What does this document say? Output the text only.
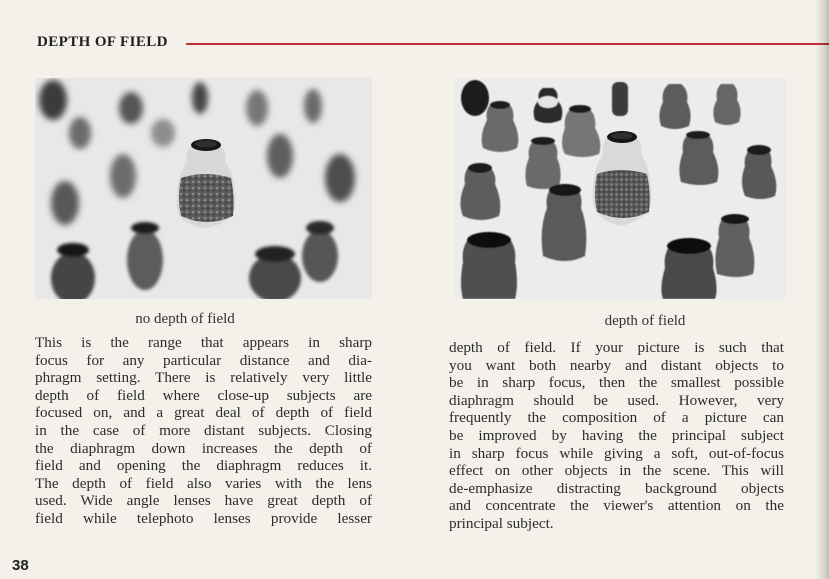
DEPTH OF FIELD
no depth of field	depth of field
This is the range that appears in sharp
focus for any particular distance and dia-
phragm setting. There is relatively very little
depth of field where close-up subjects are
focused on, and a great deal of depth of field
in the case of more distant subjects. Closing
the diaphragm down increases the depth of
field and opening the diaphragm reduces it.
The depth of field also varies with the lens
used. Wide angle lenses have great depth of
field while telephoto lenses provide lesser
depth of field. If your picture is such that
you want both nearby and distant objects to
be in sharp focus, then the smallest possible
diaphragm should be used. However, very
frequently the composition of a picture can
be improved by having the principal subject
in sharp focus while giving a soft, out-of-focus
effect on other objects in the scene. This will
de-emphasize distracting background objects
and concentrate the viewer's attention on the
principal subject.
38
